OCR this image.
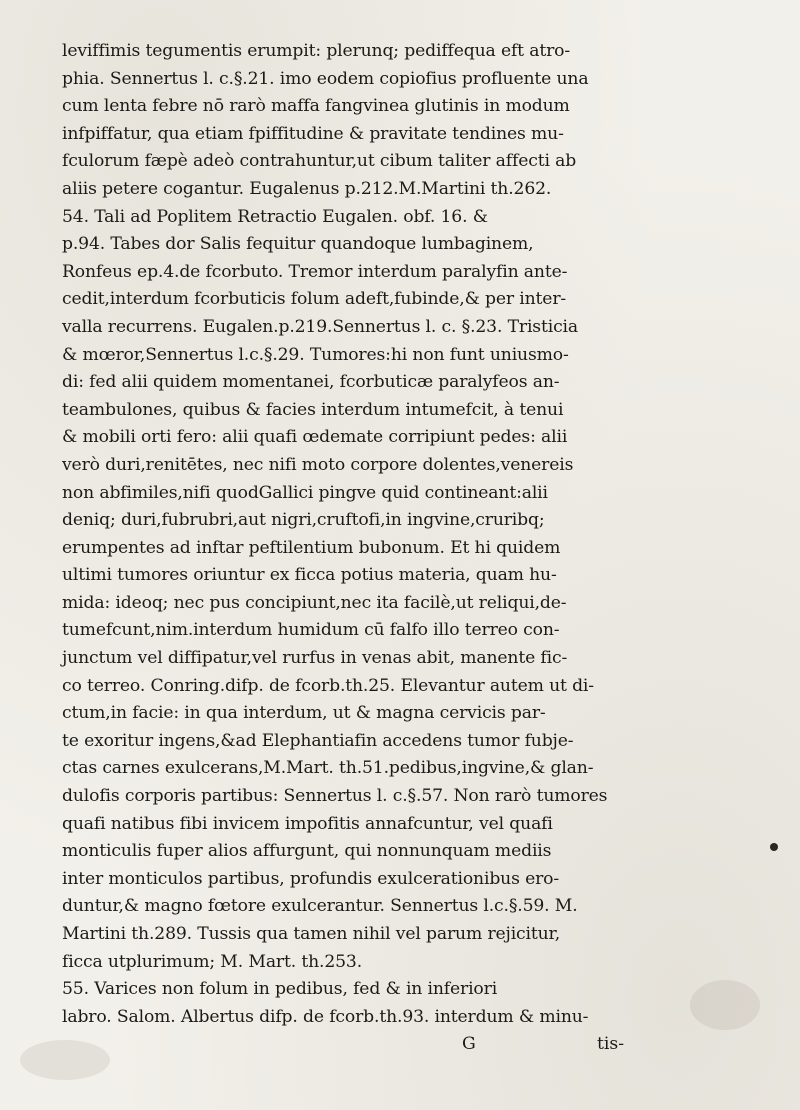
leviffimis tegumentis erumpit: plerunq; pediffequa eft atro-
phia. Sennertus l. c.§.21. imo eodem copiofius profluente una
cum lenta febre nō rarò maffa fangvinea glutinis in modum
infpiffatur, qua etiam fpiffitudine & pravitate tendines mu-
fculorum fæpè adeò contrahuntur,ut cibum taliter affecti ab
aliis petere cogantur. Eugalenus p.212.M.Martini th.262.
54. Tali ad Poplitem Retractio Eugalen. obf. 16. &
p.94. Tabes dor Salis fequitur quandoque lumbaginem,
Ronfeus ep.4.de fcorbuto. Tremor interdum paralyfin ante-
cedit,interdum fcorbuticis folum adeft,fubinde,& per inter-
valla recurrens. Eugalen.p.219.Sennertus l. c. §.23. Tristicia
& mœror,Sennertus l.c.§.29. Tumores:hi non funt uniusmo-
di: fed alii quidem momentanei, fcorbuticæ paralyfeos an-
teambulones, quibus & facies interdum intumefcit, à tenui
& mobili orti fero: alii quafi œdemate corripiunt pedes: alii
verò duri,renitētes, nec nifi moto corpore dolentes,venereis
non abfimiles,nifi quodGallici pingve quid contineant:alii
deniq; duri,fubrubri,aut nigri,cruftofi,in ingvine,cruribq;
erumpentes ad inftar peftilentium bubonum. Et hi quidem
ultimi tumores oriuntur ex ficca potius materia, quam hu-
mida: ideoq; nec pus concipiunt,nec ita facilè,ut reliqui,de-
tumefcunt,nim.interdum humidum cū falfo illo terreo con-
junctum vel diffipatur,vel rurfus in venas abit, manente fic-
co terreo. Conring.difp. de fcorb.th.25. Elevantur autem ut di-
ctum,in facie: in qua interdum, ut & magna cervicis par-
te exoritur ingens,&ad Elephantiafin accedens tumor fubje-
ctas carnes exulcerans,M.Mart. th.51.pedibus,ingvine,& glan-
dulofis corporis partibus: Sennertus l. c.§.57. Non rarò tumores
quafi natibus fibi invicem impofitis annafcuntur, vel quafi
monticulis fuper alios affurgunt, qui nonnunquam mediis
inter monticulos partibus, profundis exulcerationibus ero-
duntur,& magno fœtore exulcerantur. Sennertus l.c.§.59. M.
Martini th.289. Tussis qua tamen nihil vel parum rejicitur,
ficca utplurimum; M. Mart. th.253.
55. Varices non folum in pedibus, fed & in inferiori
labro. Salom. Albertus difp. de fcorb.th.93. interdum & minu-
G	tis-
